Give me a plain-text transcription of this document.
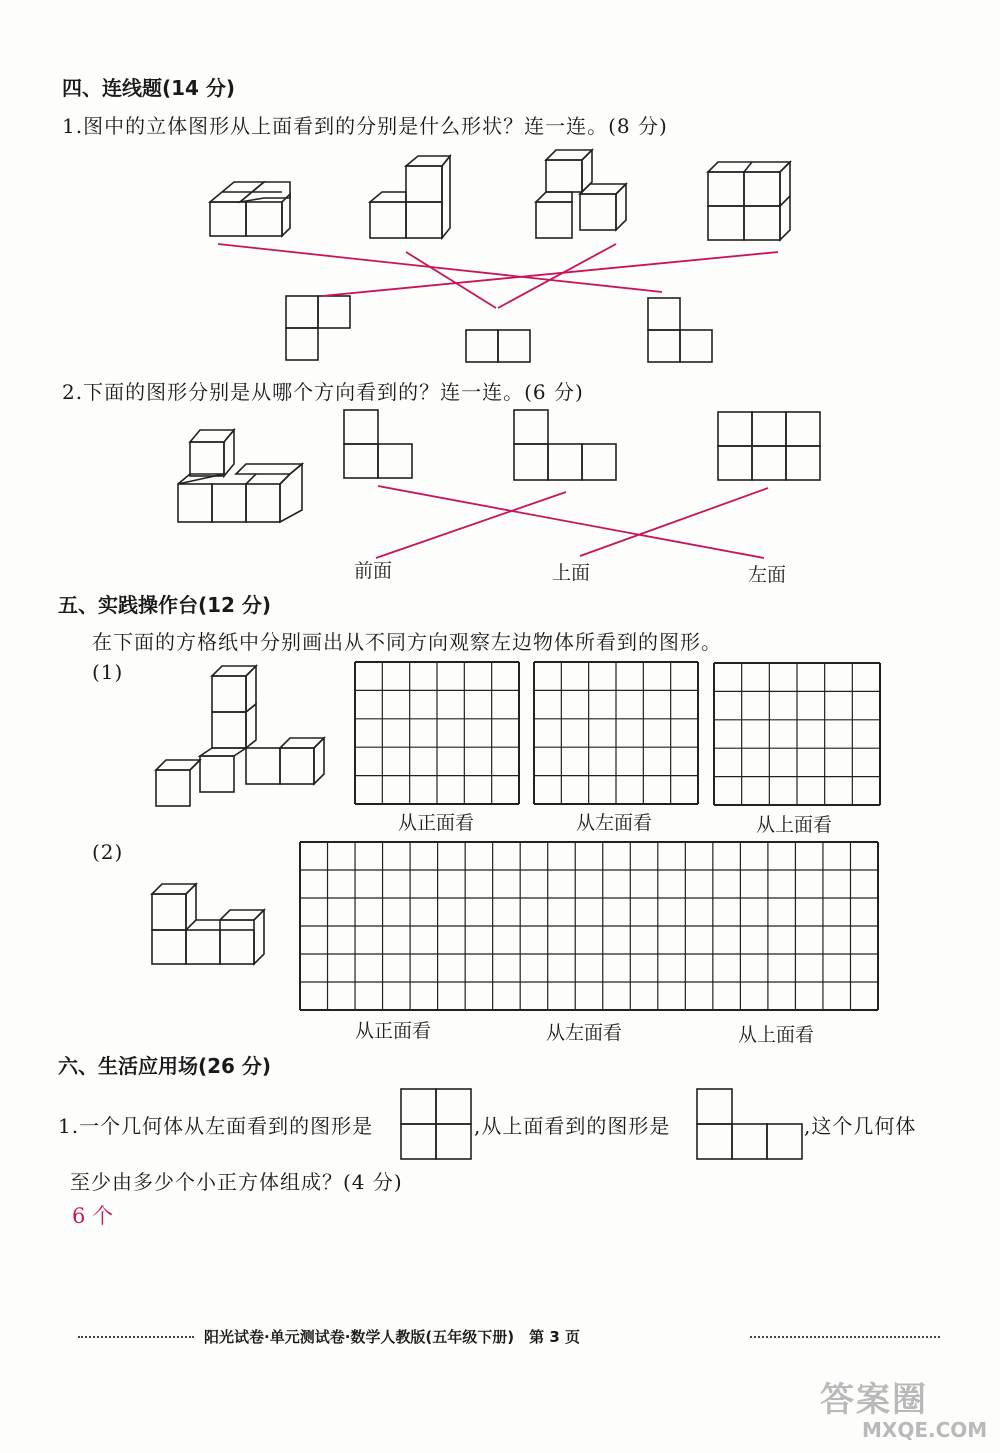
四、连线题(14 分)
1.图中的立体图形从上面看到的分别是什么形状？连一连。(8 分)
2.下面的图形分别是从哪个方向看到的？连一连。(6 分)
前面	上面	左面
五、实践操作台(12 分)
在下面的方格纸中分别画出从不同方向观察左边物体所看到的图形。
(1)
从正面看	从左面看	从上面看
(2)
从正面看	从左面看	从上面看
六、生活应用场(26 分)
1.一个几何体从左面看到的图形是	,从上面看到的图形是	,这个几何体
至少由多少个小正方体组成？(4 分)
6 个
阳光试卷·单元测试卷·数学人教版(五年级下册)　第 3 页
答案圈
MXQE.COM
